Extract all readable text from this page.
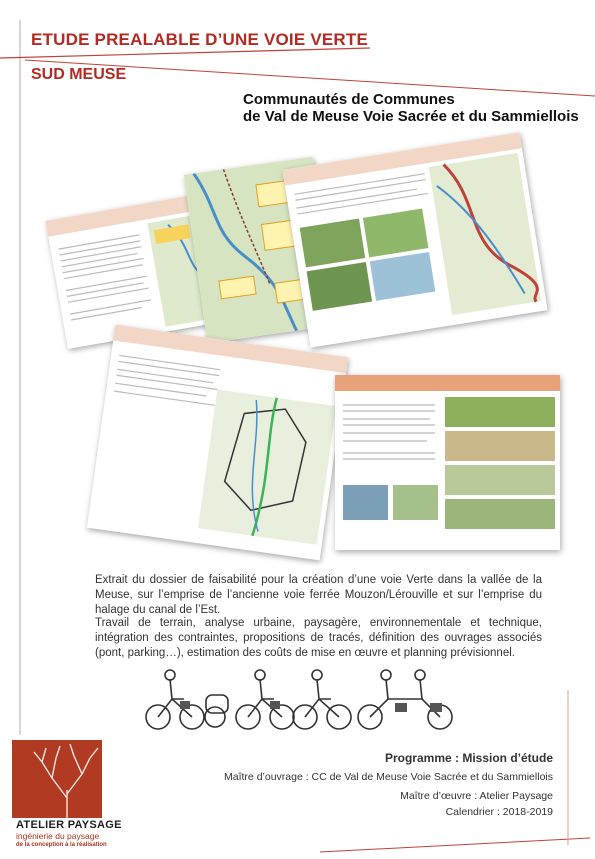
ETUDE PREALABLE D’UNE VOIE VERTE
SUD MEUSE
Communautés de Communes
de Val de Meuse Voie Sacrée et du Sammiellois
Extrait du dossier de faisabilité pour la création d’une voie Verte dans la vallée de la Meuse, sur l’emprise de l’ancienne voie ferrée Mouzon/Lérouville et sur l’emprise du halage du canal de l’Est.
Travail de terrain, analyse urbaine, paysagère, environnementale et technique, intégration des contraintes, propositions de tracés, définition des ouvrages associés (pont, parking…), estimation des coûts de mise en œuvre et planning prévisionnel.
Programme : Mission d’étude
Maître d’ouvrage : CC de Val de Meuse Voie Sacrée et du Sammiellois
Maître d’œuvre : Atelier Paysage
Calendrier : 2018-2019
ATELIER PAYSAGE
ingénierie du paysage
de la conception à la réalisation
